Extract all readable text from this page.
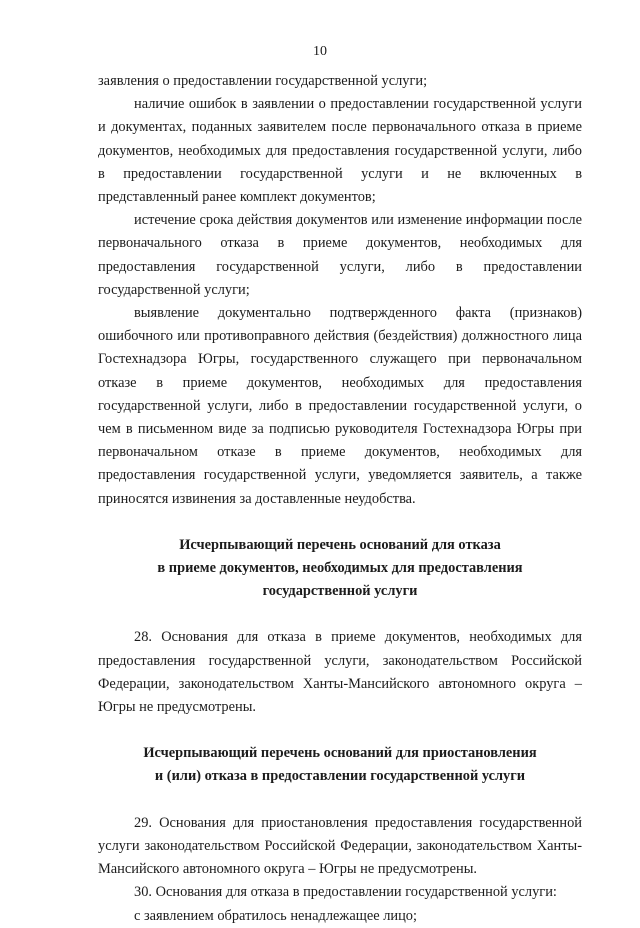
10

заявления о предоставлении государственной услуги;

наличие ошибок в заявлении о предоставлении государственной услуги и документах, поданных заявителем после первоначального отказа в приеме документов, необходимых для предоставления государственной услуги, либо в предоставлении государственной услуги и не включенных в представленный ранее комплект документов;

истечение срока действия документов или изменение информации после первоначального отказа в приеме документов, необходимых для предоставления государственной услуги, либо в предоставлении государственной услуги;

выявление документально подтвержденного факта (признаков) ошибочного или противоправного действия (бездействия) должностного лица Гостехнадзора Югры, государственного служащего при первоначальном отказе в приеме документов, необходимых для предоставления государственной услуги, либо в предоставлении государственной услуги, о чем в письменном виде за подписью руководителя Гостехнадзора Югры при первоначальном отказе в приеме документов, необходимых для предоставления государственной услуги, уведомляется заявитель, а также приносятся извинения за доставленные неудобства.

Исчерпывающий перечень оснований для отказа

в приеме документов, необходимых для предоставления

государственной услуги

28. Основания для отказа в приеме документов, необходимых для предоставления государственной услуги, законодательством Российской Федерации, законодательством Ханты-Мансийского автономного округа – Югры не предусмотрены.

Исчерпывающий перечень оснований для приостановления

и (или) отказа в предоставлении государственной услуги

29. Основания для приостановления предоставления государственной услуги законодательством Российской Федерации, законодательством Ханты-Мансийского автономного округа – Югры не предусмотрены.

30. Основания для отказа в предоставлении государственной услуги:

с заявлением обратилось ненадлежащее лицо;
